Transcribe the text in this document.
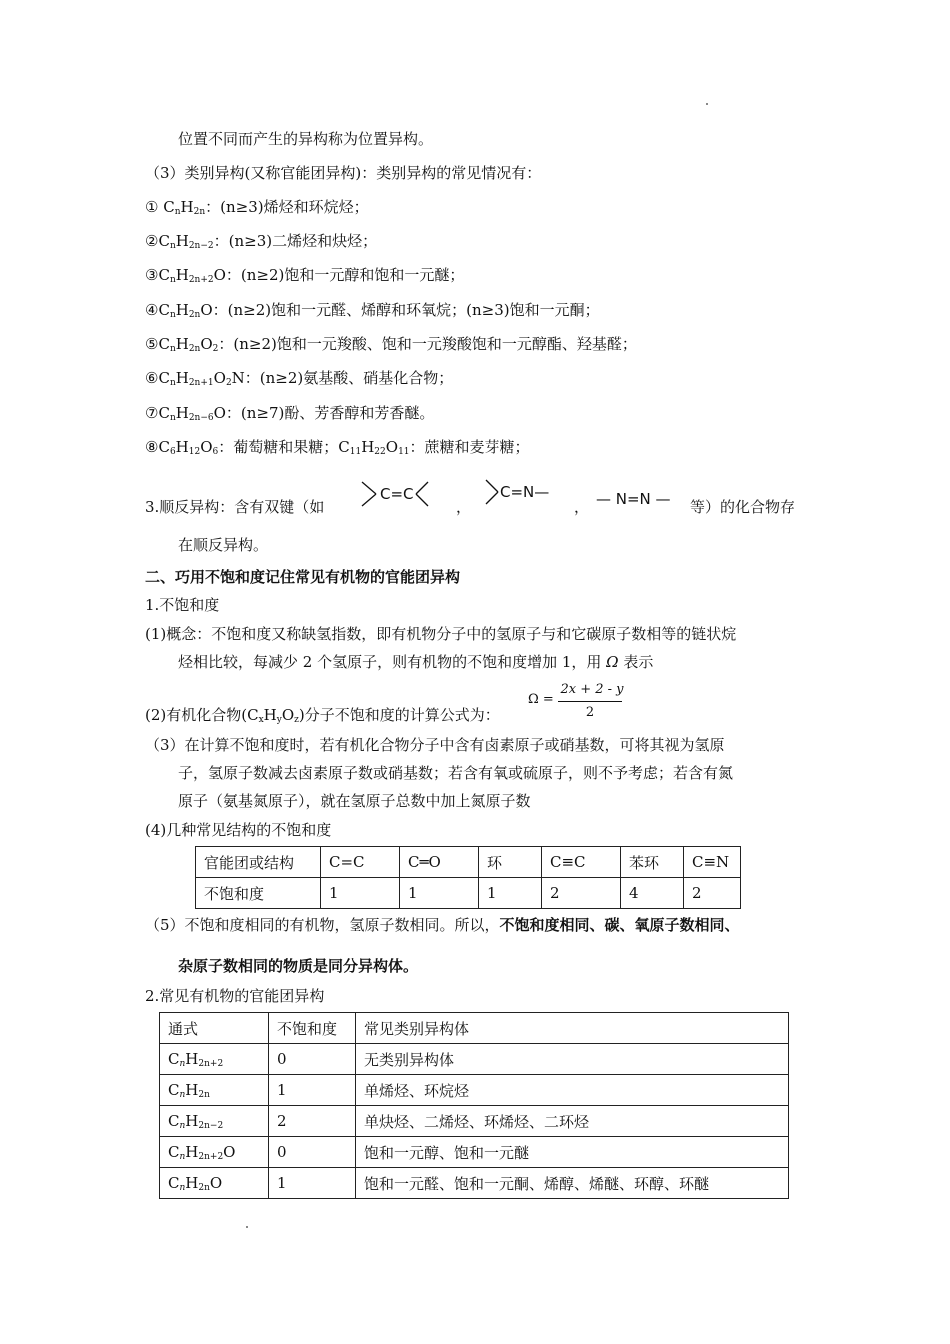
位置不同而产生的异构称为位置异构。
（3）类别异构(又称官能团异构)：类别异构的常见情况有：
① $C_nH_{2n}$：(n≥3)烯烃和环烷烃；
$②C_nH_{2n-2}$：(n≥3)二烯烃和炔烃；
$③C_nH_{2n+2}O$：(n≥2)饱和一元醇和饱和一元醚；
$④C_nH_{2n}O$：(n≥2)饱和一元醛、烯醇和环氧烷；(n≥3)饱和一元酮；
$⑤C_nH_{2n}O_2$：(n≥2)饱和一元羧酸、饱和一元羧酸饱和一元醇酯、羟基醛；
$⑥C_nH_{2n+1}O_2N$：(n≥2)氨基酸、硝基化合物；
$⑦C_nH_{2n-6}O$：(n≥7)酚、芳香醇和芳香醚。
$⑧C_6H_{12}O_6$：葡萄糖和果糖；$C_{11}H_{22}O_{11}$：蔗糖和麦芽糖；
3.顺反异构：含有双键（如
C=C
，
C=N—
， — N=N — 等）的化合物存
在顺反异构。
二、巧用不饱和度记住常见有机物的官能团异构
1.不饱和度
(1)概念：不饱和度又称缺氢指数，即有机物分子中的氢原子与和它碳原子数相等的链状烷
烃相比较，每减少 2 个氢原子，则有机物的不饱和度增加 1，用 Ω 表示
Ω =
2x + 2 - y
2
(2)有机化合物$(C_xH_yO_z)$分子不饱和度的计算公式为：
（3）在计算不饱和度时，若有机化合物分子中含有卤素原子或硝基数，可将其视为氢原
子，氢原子数减去卤素原子数或硝基数；若含有氧或硫原子，则不予考虑；若含有氮
原子（氨基氮原子），就在氢原子总数中加上氮原子数
(4)几种常见结构的不饱和度
官能团或结构	C=C	C═O	环	C≡C	苯环	C≡N
不饱和度	1	1	1	2	4	2
（5）不饱和度相同的有机物，氢原子数相同。所以，不饱和度相同、碳、氧原子数相同、
杂原子数相同的物质是同分异构体。
2.常见有机物的官能团异构
通式	不饱和度	常见类别异构体
$C_nH_{2n+2}$	0	无类别异构体
$C_nH_{2n}$	1	单烯烃、环烷烃
$C_nH_{2n-2}$	2	单炔烃、二烯烃、环烯烃、二环烃
$C_nH_{2n+2}O$	0	饱和一元醇、饱和一元醚
$C_nH_{2n}O$	1	饱和一元醛、饱和一元酮、烯醇、烯醚、环醇、环醚
